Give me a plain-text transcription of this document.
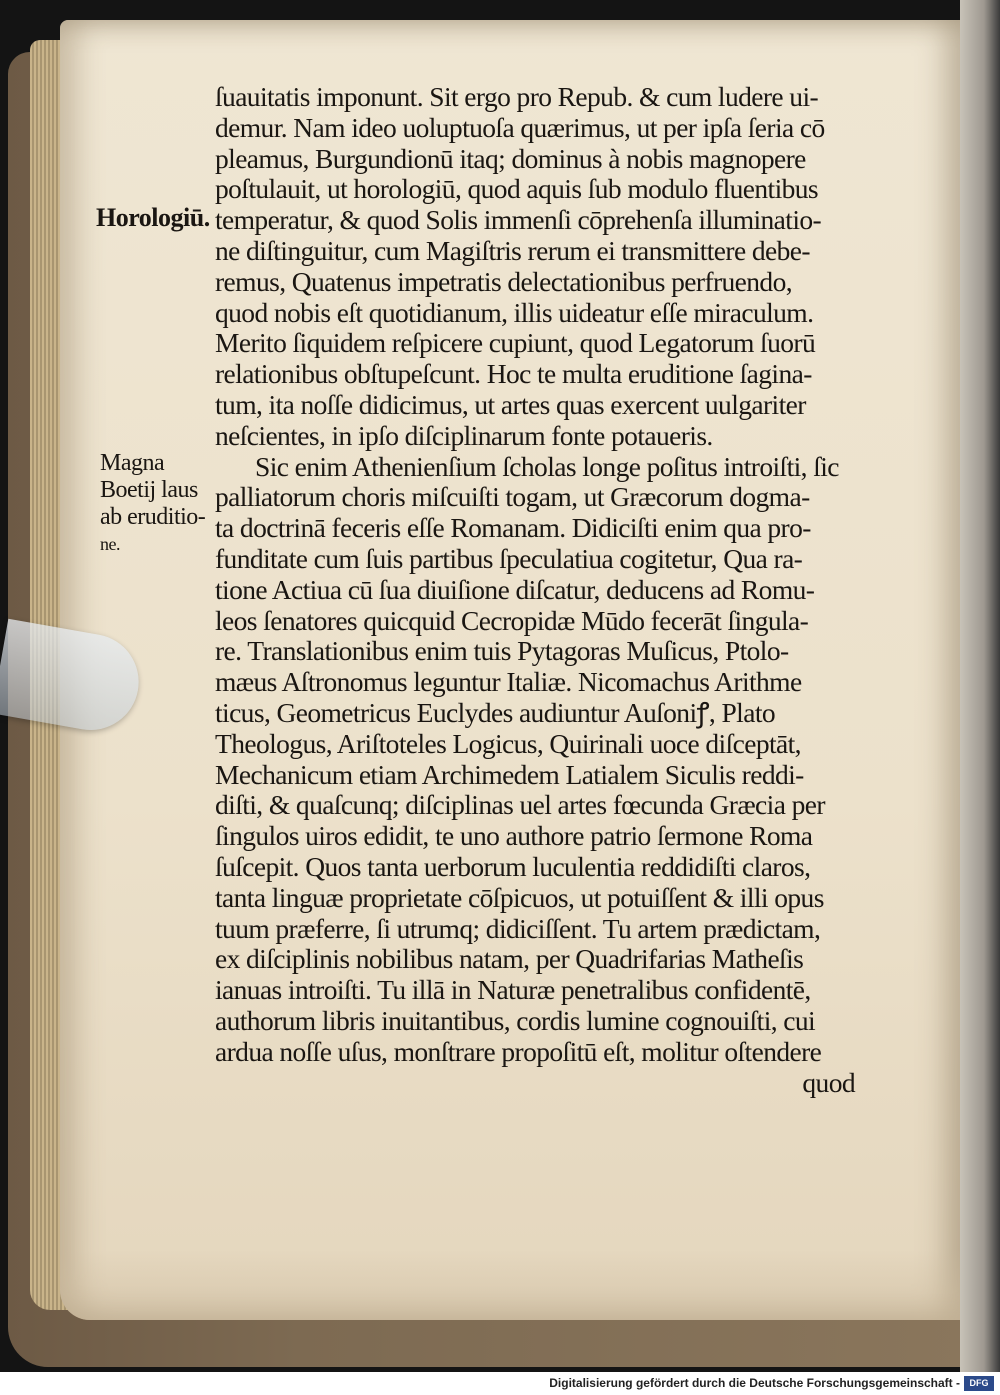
ſuauitatis imponunt. Sit ergo pro Repub. & cum ludere ui-
demur. Nam ideo uoluptuoſa quærimus, ut per ipſa ſeria cō
pleamus, Burgundionū itaq; dominus à nobis magnopere
poſtulauit, ut horologiū, quod aquis ſub modulo fluentibus
temperatur, & quod Solis immenſi cōprehenſa illuminatio-
ne diſtinguitur, cum Magiſtris rerum ei transmittere debe-
remus, Quatenus impetratis delectationibus perfruendo,
quod nobis eſt quotidianum, illis uideatur eſſe miraculum.
Merito ſiquidem reſpicere cupiunt, quod Legatorum ſuorū
relationibus obſtupeſcunt. Hoc te multa eruditione ſagina-
tum, ita noſſe didicimus, ut artes quas exercent uulgariter
neſcientes, in ipſo diſciplinarum fonte potaueris.
Sic enim Athenienſium ſcholas longe poſitus introiſti, ſic
palliatorum choris miſcuiſti togam, ut Græcorum dogma-
ta doctrinā feceris eſſe Romanam. Didiciſti enim qua pro-
funditate cum ſuis partibus ſpeculatiua cogitetur, Qua ra-
tione Actiua cū ſua diuiſione diſcatur, deducens ad Romu-
leos ſenatores quicquid Cecropidæ Mūdo fecerāt ſingula-
re. Translationibus enim tuis Pytagoras Muſicus, Ptolo-
mæus Aſtronomus leguntur Italiæ. Nicomachus Arithme
ticus, Geometricus Euclydes audiuntur Auſoniꝭ, Plato
Theologus, Ariſtoteles Logicus, Quirinali uoce diſceptāt,
Mechanicum etiam Archimedem Latialem Siculis reddi-
diſti, & quaſcunq; diſciplinas uel artes fœcunda Græcia per
ſingulos uiros edidit, te uno authore patrio ſermone Roma
ſuſcepit. Quos tanta uerborum luculentia reddidiſti claros,
tanta linguæ proprietate cōſpicuos, ut potuiſſent & illi opus
tuum præferre, ſi utrumq; didiciſſent. Tu artem prædictam,
ex diſciplinis nobilibus natam, per Quadrifarias Matheſis
ianuas introiſti. Tu illā in Naturæ penetralibus confidentē,
authorum libris inuitantibus, cordis lumine cognouiſti, cui
ardua noſſe uſus, monſtrare propoſitū eſt, molitur oſtendere
quod
Horologiū.
Magna
Boetij laus
ab eruditio-
ne.
Digitalisierung gefördert durch die Deutsche Forschungsgemeinschaft -	DFG
